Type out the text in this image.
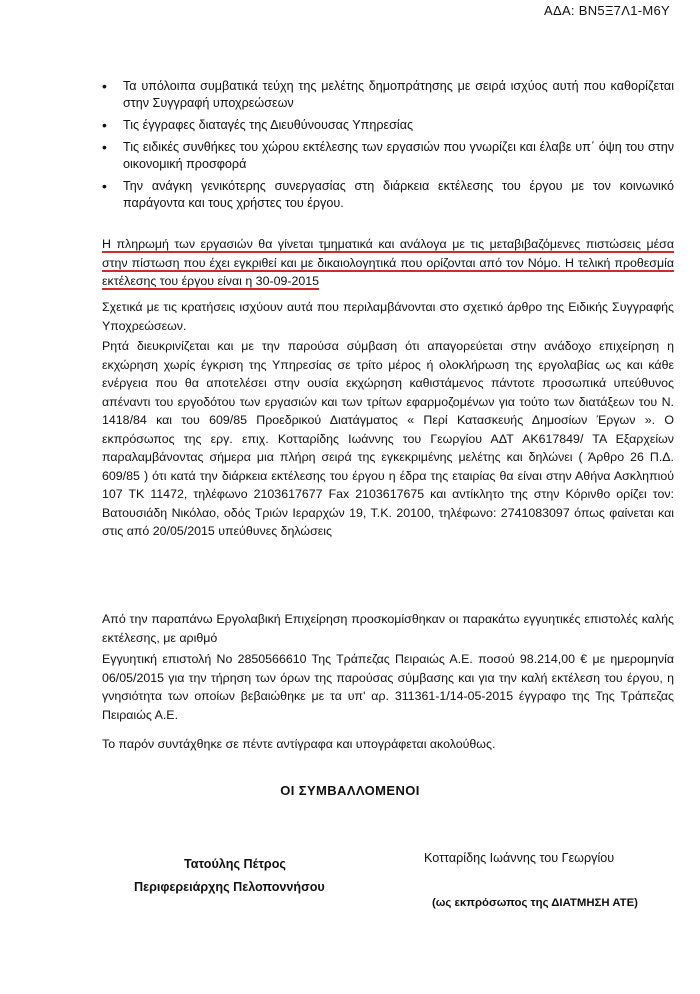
ΑΔΑ: ΒΝ5Ξ7Λ1-Μ6Υ
• Τα υπόλοιπα συμβατικά τεύχη της μελέτης δημοπράτησης με σειρά ισχύος αυτή που καθορίζεται στην Συγγραφή υποχρεώσεων
• Τις έγγραφες διαταγές της Διευθύνουσας Υπηρεσίας
• Τις ειδικές συνθήκες του χώρου εκτέλεσης των εργασιών που γνωρίζει και έλαβε υπ΄ όψη του στην οικονομική προσφορά
• Την ανάγκη γενικότερης συνεργασίας στη διάρκεια εκτέλεσης του έργου με τον κοινωνικό παράγοντα και τους χρήστες του έργου.

Η πληρωμή των εργασιών θα γίνεται τμηματικά και ανάλογα με τις μεταβιβαζόμενες πιστώσεις μέσα στην πίστωση που έχει εγκριθεί και με δικαιολογητικά που ορίζονται από τον Νόμο. Η τελική προθεσμία εκτέλεσης του έργου είναι η 30-09-2015

Σχετικά με τις κρατήσεις ισχύουν αυτά που περιλαμβάνονται στο σχετικό άρθρο της Ειδικής Συγγραφής Υποχρεώσεων.

Ρητά διευκρινίζεται και με την παρούσα σύμβαση ότι απαγορεύεται στην ανάδοχο επιχείρηση η εκχώρηση χωρίς έγκριση της Υπηρεσίας σε τρίτο μέρος ή ολοκλήρωση της εργολαβίας ως και κάθε ενέργεια που θα αποτελέσει στην ουσία εκχώρηση καθιστάμενος πάντοτε προσωπικά υπεύθυνος απέναντι του εργοδότου των εργασιών και των τρίτων εφαρμοζομένων για τούτο των διατάξεων του Ν. 1418/84 και του 609/85 Προεδρικού Διατάγματος « Περί Κατασκευής Δημοσίων Έργων ». Ο εκπρόσωπος της εργ. επιχ. Κοτταρίδης Ιωάννης του Γεωργίου ΑΔΤ ΑΚ617849/ ΤΑ Εξαρχείων παραλαμβάνοντας σήμερα μια πλήρη σειρά της εγκεκριμένης μελέτης και δηλώνει ( Άρθρο 26 Π.Δ. 609/85 ) ότι κατά την διάρκεια εκτέλεσης του έργου η έδρα της εταιρίας θα είναι στην Αθήνα Ασκληπιού 107 ΤΚ 11472, τηλέφωνο 2103617677 Fax 2103617675 και αντίκλητο της στην Κόρινθο ορίζει τον: Βατουσιάδη Νικόλαο, οδός Τριών Ιεραρχών 19, Τ.Κ. 20100, τηλέφωνο: 2741083097 όπως φαίνεται και στις από 20/05/2015 υπεύθυνες δηλώσεις

Από την παραπάνω Εργολαβική Επιχείρηση προσκομίσθηκαν οι παρακάτω εγγυητικές επιστολές καλής εκτέλεσης, με αριθμό

Εγγυητική επιστολή Νο 2850566610 Της Τράπεζας Πειραιώς Α.Ε. ποσού 98.214,00 € με ημερομηνία 06/05/2015 για την τήρηση των όρων της παρούσας σύμβασης και για την καλή εκτέλεση του έργου, η γνησιότητα των οποίων βεβαιώθηκε με τα υπ' αρ. 311361-1/14-05-2015 έγγραφο της Της Τράπεζας Πειραιώς Α.Ε.

Το παρόν συντάχθηκε σε πέντε αντίγραφα και υπογράφεται ακολούθως.

ΟΙ ΣΥΜΒΑΛΛΟΜΕΝΟΙ
Τατούλης Πέτρος
Περιφερειάρχης Πελοποννήσου
Κοτταρίδης Ιωάννης του Γεωργίου
(ως εκπρόσωπος της ΔΙΑΤΜΗΣΗ ΑΤΕ)
